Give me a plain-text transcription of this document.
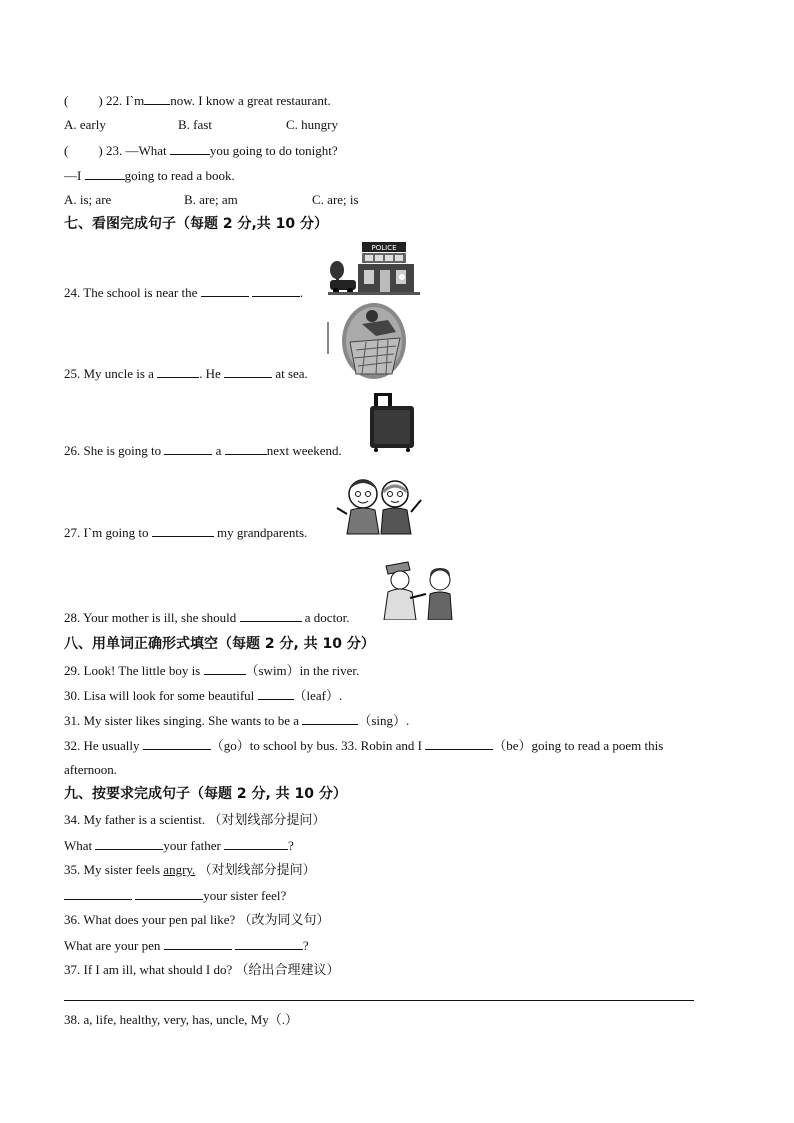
( ) 22. I`m now. I know a great restaurant.
A. early	B. fast	C. hungry
( ) 23. —What	you going to do tonight?
—I	going to read a book.
A. is; are	B. are; am	C. are; is
七、看图完成句子（每题 2 分,共 10 分）
POLICE
24. The school is near the	.
25. My uncle is a	. He	at sea.
26. She is going to	a	next weekend.
27. I`m going to	my grandparents.
28. Your mother is ill, she should	a doctor.
八、用单词正确形式填空（每题 2 分, 共 10 分）
29. Look! The little boy is	（swim）in the river.
30. Lisa will look for some beautiful	（leaf）.
31. My sister likes singing. She wants to be a	（sing）.
32. He usually	（go）to school by bus. 33. Robin and I	（be）going to read a poem this
afternoon.
九、按要求完成句子（每题 2 分, 共 10 分）
34. My father is a scientist. （对划线部分提问）
What	your father	?
35. My sister feels angry. （对划线部分提问）
your sister feel?
36. What does your pen pal like? （改为同义句）
What are your pen	?
37. If I am ill, what should I do? （给出合理建议）
38. a, life, healthy, very, has, uncle, My（.）
